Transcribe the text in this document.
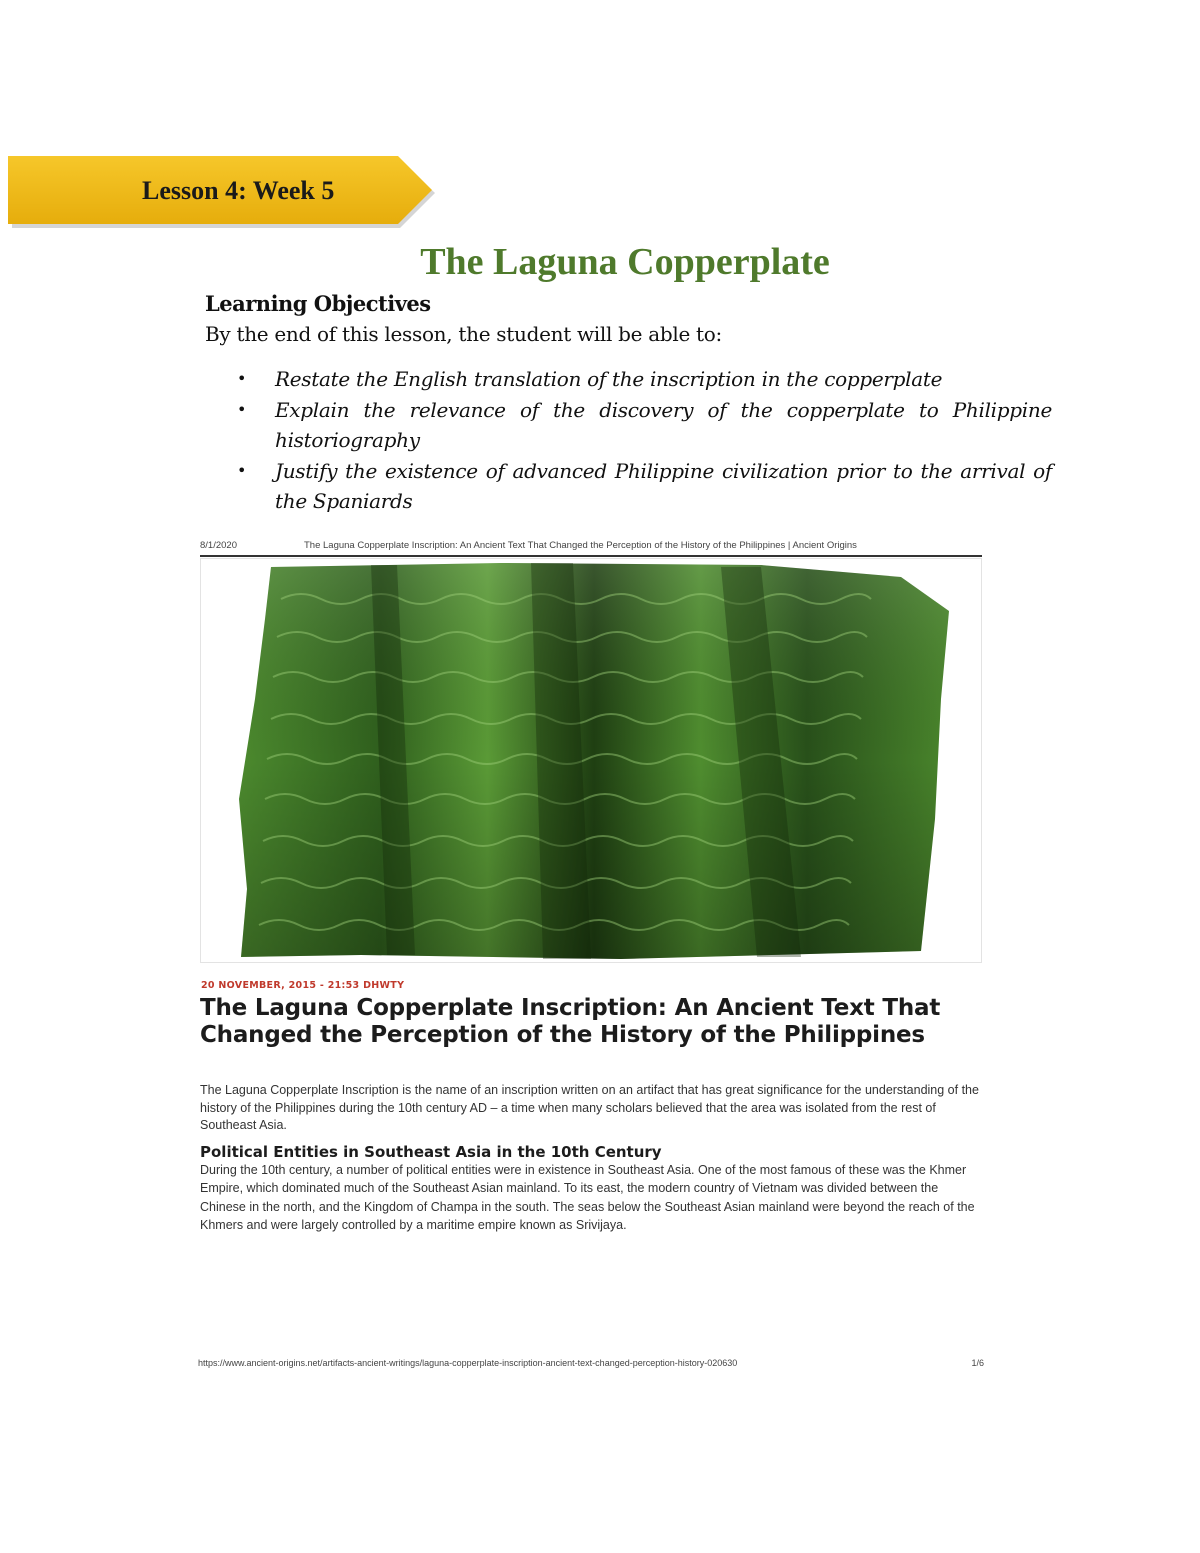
Lesson 4: Week 5
The Laguna Copperplate
Learning Objectives
By the end of this lesson, the student will be able to:
• Restate the English translation of the inscription in the copperplate
• Explain the relevance of the discovery of the copperplate to Philippine historiography
• Justify the existence of advanced Philippine civilization prior to the arrival of the Spaniards
8/1/2020	The Laguna Copperplate Inscription: An Ancient Text That Changed the Perception of the History of the Philippines | Ancient Origins
20 NOVEMBER, 2015 - 21:53 DHWTY
The Laguna Copperplate Inscription: An Ancient Text That Changed the Perception of the History of the Philippines
The Laguna Copperplate Inscription is the name of an inscription written on an artifact that has great significance for the understanding of the history of the Philippines during the 10th century AD – a time when many scholars believed that the area was isolated from the rest of Southeast Asia.
Political Entities in Southeast Asia in the 10th Century
During the 10th century, a number of political entities were in existence in Southeast Asia. One of the most famous of these was the Khmer Empire, which dominated much of the Southeast Asian mainland. To its east, the modern country of Vietnam was divided between the Chinese in the north, and the Kingdom of Champa in the south. The seas below the Southeast Asian mainland were beyond the reach of the Khmers and were largely controlled by a maritime empire known as Srivijaya.
https://www.ancient-origins.net/artifacts-ancient-writings/laguna-copperplate-inscription-ancient-text-changed-perception-history-020630	1/6
